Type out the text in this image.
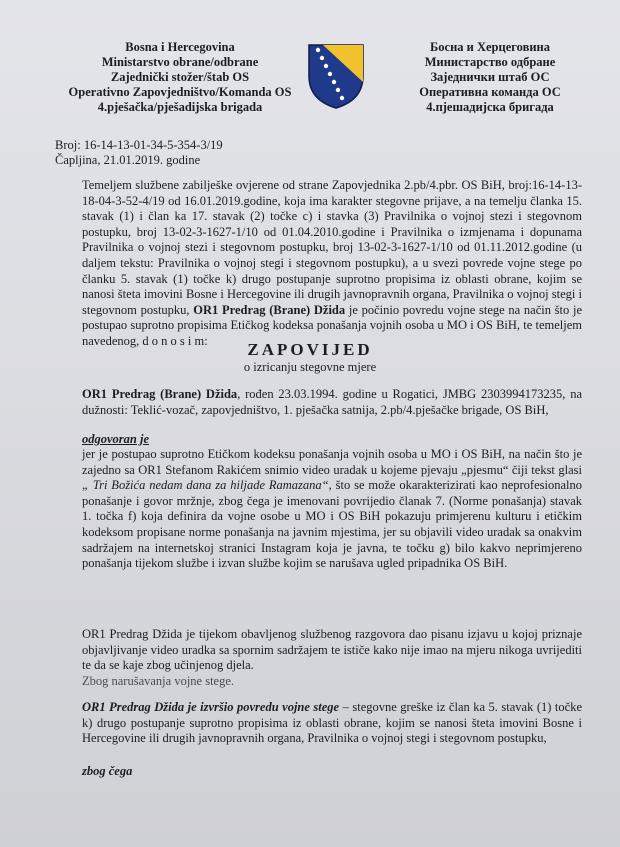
Bosna i Hercegovina
Ministarstvo obrane/odbrane
Zajednički stožer/štab OS
Operativno Zapovjedništvo/Komanda OS
4.pješačka/pješadijska brigada
Босна и Херцеговина
Министарство одбране
Заједнички штаб ОС
Оперативна команда ОС
4.пјешадијска бригада
Broj: 16-14-13-01-34-5-354-3/19
Čapljina, 21.01.2019. godine
Temeljem službene zabilješke ovjerene od strane Zapovjednika 2.pb/4.pbr. OS BiH, broj:16-14-13-18-04-3-52-4/19 od 16.01.2019.godine, koja ima karakter stegovne prijave, a na temelju članka 15. stavak (1) i član ka 17. stavak (2) točke c) i stavka (3) Pravilnika o vojnoj stezi i stegovnom postupku, broj 13-02-3-1627-1/10 od 01.04.2010.godine i Pravilnika o izmjenama i dopunama Pravilnika o vojnoj stezi i stegovnom postupku, broj 13-02-3-1627-1/10 od 01.11.2012.godine (u daljem tekstu: Pravilnika o vojnoj stegi i stegovnom postupku), a u svezi povrede vojne stege po članku 5. stavak (1) točke k) drugo postupanje suprotno propisima iz oblasti obrane, kojim se nanosi šteta imovini Bosne i Hercegovine ili drugih javnopravnih organa, Pravilnika o vojnoj stegi i stegovnom postupku, OR1 Predrag (Brane) Džida je počinio povredu vojne stege na način što je postupao suprotno propisima Etičkog kodeksa ponašanja vojnih osoba u MO i OS BiH, te temeljem navedenog, d o n o s i m:	ZAPOVIJED
o izricanju stegovne mjere
OR1 Predrag (Brane) Džida, rođen 23.03.1994. godine u Rogatici, JMBG 2303994173235, na dužnosti: Teklić-vozač, zapovjedništvo, 1. pješačka satnija, 2.pb/4.pješačke brigade, OS BiH,
odgovoran je
jer je postupao suprotno Etičkom kodeksu ponašanja vojnih osoba u MO i OS BiH, na način što je zajedno sa OR1 Stefanom Rakićem snimio video uradak u kojeme pjevaju „pjesmu“ čiji tekst glasi „ Tri Božića nedam dana za hiljade Ramazana“, što se može okarakterizirati kao neprofesionalno ponašanje i govor mržnje, zbog čega je imenovani povrijedio članak 7. (Norme ponašanja) stavak 1. točka f) koja definira da vojne osobe u MO i OS BiH pokazuju primjerenu kulturu i etičkim kodeksom propisane norme ponašanja na javnim mjestima, jer su objavili video uradak sa onakvim sadržajem na internetskoj stranici Instagram koja je javna, te točku g) bilo kakvo neprimjereno ponašanja tijekom službe i izvan službe kojim se narušava ugled pripadnika OS BiH.
OR1 Predrag Džida je tijekom obavljenog službenog razgovora dao pisanu izjavu u kojoj priznaje objavljivanje video uradka sa spornim sadržajem te ističe kako nije imao na mjeru nikoga uvrijediti te da se kaje zbog učinjenog djela.
Zbog narušavanja vojne stege.
OR1 Predrag Džida je izvršio povredu vojne stege – stegovne greške iz član ka 5. stavak (1) točke k) drugo postupanje suprotno propisima iz oblasti obrane, kojim se nanosi šteta imovini Bosne i Hercegovine ili drugih javnopravnih organa, Pravilnika o vojnoj stegi i stegovnom postupku,
zbog čega
